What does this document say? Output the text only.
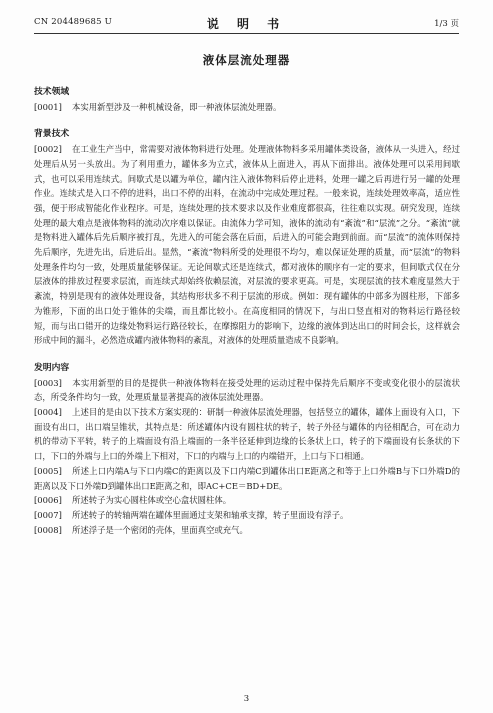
CN 204489685 U	说 明 书	1/3 页
液体层流处理器

技术领域

[0001] 本实用新型涉及一种机械设备，即一种液体层流处理器。

背景技术

[0002] 在工业生产当中，常需要对液体物料进行处理。处理液体物料多采用罐体类设备，液体从一头进入，经过处理后从另一头放出。为了利用重力，罐体多为立式，液体从上面进入，再从下面排出。液体处理可以采用间歇式，也可以采用连续式。间歇式是以罐为单位，罐内注入液体物料后停止进料，处理一罐之后再进行另一罐的处理作业。连续式是入口不停的进料，出口不停的出料，在流动中完成处理过程。一般来说，连续处理效率高，适应性强，便于形成智能化作业程序。可是，连续处理的技术要求以及作业难度都很高，往往难以实现。研究发现，连续处理的最大难点是液体物料的流动次序难以保证。由流体力学可知，液体的流动有“紊流”和“层流”之分。“紊流”就是物料进入罐体后先后顺序被打乱，先进入的可能会落在后面，后进入的可能会跑到前面。而“层流”的流体则保持先后顺序，先进先出，后进后出。显然，“紊流”物料所受的处理很不均匀，难以保证处理的质量，而“层流”的物料处理条件均匀一致，处理质量能够保证。无论间歇式还是连续式，都对液体的顺序有一定的要求，但间歇式仅在分层液体的排放过程要求层流，而连续式却始终依赖层流，对层流的要求更高。可是，实现层流的技术难度显然大于紊流，特别是现有的液体处理设备，其结构形状多不利于层流的形成。例如：现有罐体的中部多为圆柱形，下部多为锥形，下面的出口处于锥体的尖端，而且都比较小。在高度相同的情况下，与出口竖直相对的物料运行路径较短，而与出口错开的边缘处物料运行路径较长，在摩擦阻力的影响下，边缘的液体到达出口的时间会长，这样就会形成中间的漏斗，必然造成罐内液体物料的紊乱，对液体的处理质量造成不良影响。

发明内容

[0003] 本实用新型的目的是提供一种液体物料在接受处理的运动过程中保持先后顺序不变或变化很小的层流状态，所受条件均匀一致，处理质量显著提高的液体层流处理器。

[0004] 上述目的是由以下技术方案实现的：研制一种液体层流处理器，包括竖立的罐体，罐体上面设有入口，下面设有出口，出口端呈锥状，其特点是：所述罐体内设有圆柱状的转子，转子外径与罐体的内径相配合，可在动力机的带动下平转，转子的上端面设有沿上端面的一条半径延伸到边缘的长条状上口，转子的下端面设有长条状的下口，下口的外端与上口的外端上下相对，下口的内端与上口的内端错开，上口与下口相通。

[0005] 所述上口内端A与下口内端C的距离以及下口内端C到罐体出口E距离之和等于上口外端B与下口外端D的距离以及下口外端D到罐体出口E距离之和，即AC+CE＝BD+DE。

[0006] 所述转子为实心圆柱体或空心盒状圆柱体。

[0007] 所述转子的转轴两端在罐体里面通过支架和轴承支撑，转子里面设有浮子。

[0008] 所述浮子是一个密闭的壳体，里面真空或充气。

3
